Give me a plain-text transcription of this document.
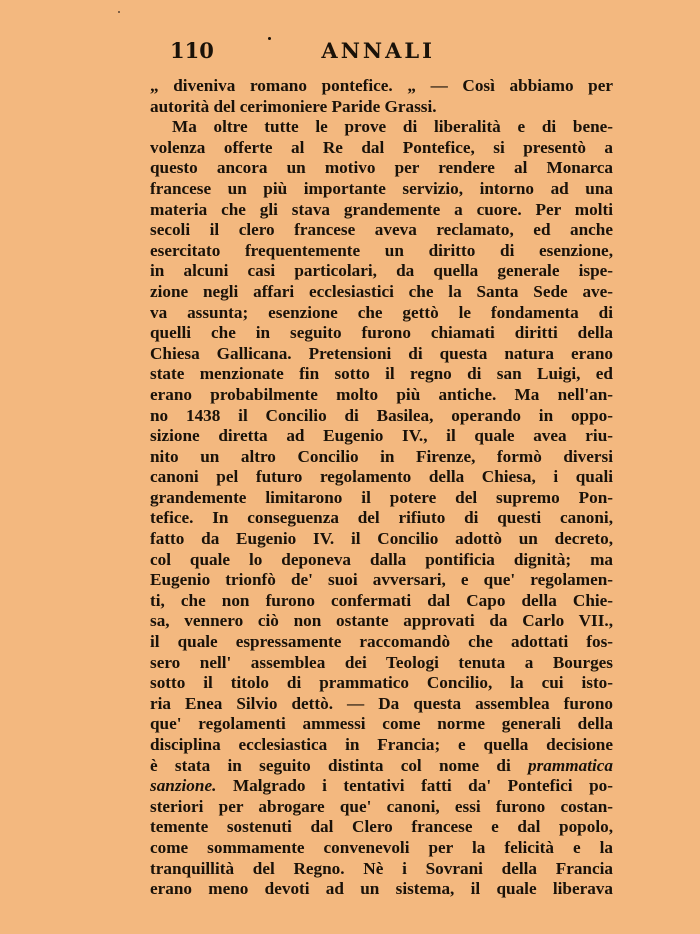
110	ANNALI
„ diveniva romano pontefice. „ — Così abbiamo per
autorità del cerimoniere Paride Grassi.
Ma oltre tutte le prove di liberalità e di bene-
volenza offerte al Re dal Pontefice, si presentò a
questo ancora un motivo per rendere al Monarca
francese un più importante servizio, intorno ad una
materia che gli stava grandemente a cuore. Per molti
secoli il clero francese aveva reclamato, ed anche
esercitato frequentemente un diritto di esenzione,
in alcuni casi particolari, da quella generale ispe-
zione negli affari ecclesiastici che la Santa Sede ave-
va assunta; esenzione che gettò le fondamenta di
quelli che in seguito furono chiamati diritti della
Chiesa Gallicana. Pretensioni di questa natura erano
state menzionate fin sotto il regno di san Luigi, ed
erano probabilmente molto più antiche. Ma nell'an-
no 1438 il Concilio di Basilea, operando in oppo-
sizione diretta ad Eugenio IV., il quale avea riu-
nito un altro Concilio in Firenze, formò diversi
canoni pel futuro regolamento della Chiesa, i quali
grandemente limitarono il potere del supremo Pon-
tefice. In conseguenza del rifiuto di questi canoni,
fatto da Eugenio IV. il Concilio adottò un decreto,
col quale lo deponeva dalla pontificia dignità; ma
Eugenio trionfò de' suoi avversari, e que' regolamen-
ti, che non furono confermati dal Capo della Chie-
sa, vennero ciò non ostante approvati da Carlo VII.,
il quale espressamente raccomandò che adottati fos-
sero nell' assemblea dei Teologi tenuta a Bourges
sotto il titolo di prammatico Concilio, la cui isto-
ria Enea Silvio dettò. — Da questa assemblea furono
que' regolamenti ammessi come norme generali della
disciplina ecclesiastica in Francia; e quella decisione
è stata in seguito distinta col nome di prammatica
sanzione. Malgrado i tentativi fatti da' Pontefici po-
steriori per abrogare que' canoni, essi furono costan-
temente sostenuti dal Clero francese e dal popolo,
come sommamente convenevoli per la felicità e la
tranquillità del Regno. Nè i Sovrani della Francia
erano meno devoti ad un sistema, il quale liberava
